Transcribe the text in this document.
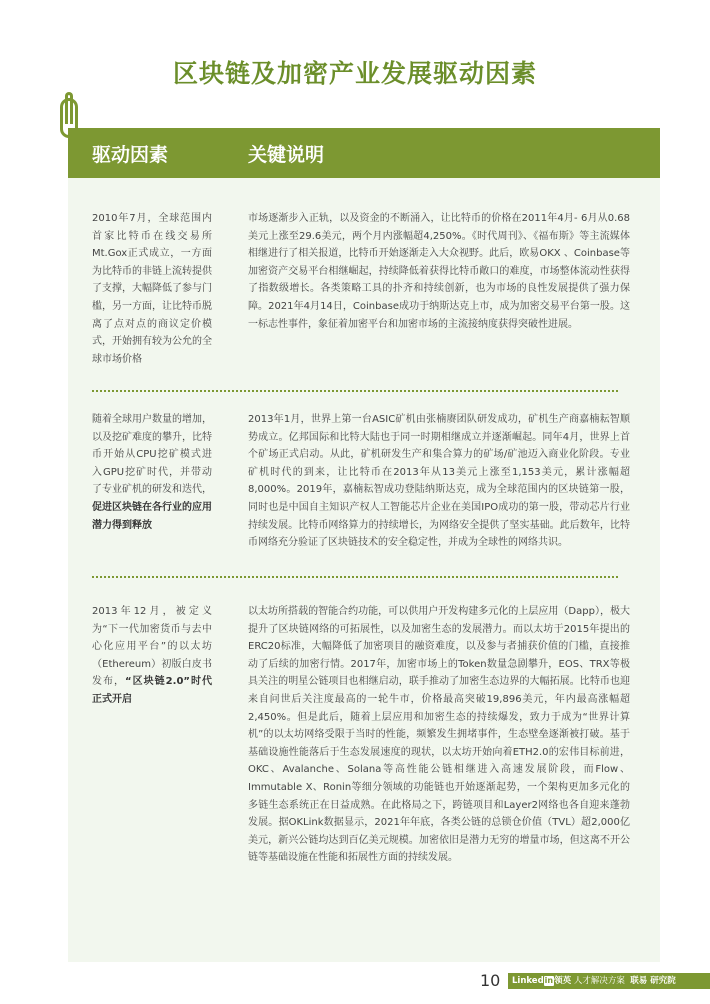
区块链及加密产业发展驱动因素
驱动因素	关键说明
2010年7月，全球范围内首家比特币在线交易所Mt.Gox正式成立，一方面为比特币的非链上流转提供了支撑，大幅降低了参与门槛，另一方面，让比特币脱离了点对点的商议定价模式，开始拥有较为公允的全球市场价格
市场逐渐步入正轨，以及资金的不断涌入，让比特币的价格在2011年4月- 6月从0.68美元上涨至29.6美元，两个月内涨幅超4,250%。《时代周刊》、《福布斯》等主流媒体相继进行了相关报道，比特币开始逐渐走入大众视野。此后，欧易OKX 、Coinbase等加密资产交易平台相继崛起，持续降低着获得比特币敞口的难度，市场整体流动性获得了指数级增长。各类策略工具的扑齐和持续创新，也为市场的良性发展提供了强力保障。2021年4月14日，Coinbase成功于纳斯达克上市，成为加密交易平台第一股。这一标志性事件，象征着加密平台和加密市场的主流接纳度获得突破性进展。
随着全球用户数量的增加，以及挖矿难度的攀升，比特币开始从CPU挖矿模式进入GPU挖矿时代，并带动了专业矿机的研发和迭代，促进区块链在各行业的应用潜力得到释放
2013年1月，世界上第一台ASIC矿机由张楠赓团队研发成功，矿机生产商嘉楠耘智顺势成立。亿邦国际和比特大陆也于同一时期相继成立并逐渐崛起。同年4月，世界上首个矿场正式启动。从此，矿机研发生产和集合算力的矿场/矿池迈入商业化阶段。专业矿机时代的到来，让比特币在2013年从13美元上涨至1,153美元，累计涨幅超8,000%。2019年，嘉楠耘智成功登陆纳斯达克，成为全球范围内的区块链第一股，同时也是中国自主知识产权人工智能芯片企业在美国IPO成功的第一股，带动芯片行业持续发展。比特币网络算力的持续增长，为网络安全提供了坚实基础。此后数年，比特币网络充分验证了区块链技术的安全稳定性，并成为全球性的网络共识。
2013年12月，被定义为“下一代加密货币与去中心化应用平台”的以太坊（Ethereum）初版白皮书发布，“区块链2.0”时代正式开启
以太坊所搭载的智能合约功能，可以供用户开发构建多元化的上层应用（Dapp），极大提升了区块链网络的可拓展性，以及加密生态的发展潜力。而以太坊于2015年提出的ERC20标准，大幅降低了加密项目的融资难度，以及参与者捕获价值的门槛，直接推动了后续的加密行情。2017年，加密市场上的Token数量急剧攀升，EOS、TRX等极具关注的明星公链项目也相继启动，联手推动了加密生态边界的大幅拓展。比特币也迎来自问世后关注度最高的一轮牛市，价格最高突破19,896美元，年内最高涨幅超2,450%。但是此后，随着上层应用和加密生态的持续爆发，致力于成为“世界计算机”的以太坊网络受限于当时的性能，频繁发生拥堵事件，生态壁垒逐渐被打破。基于基础设施性能落后于生态发展速度的现状，以太坊开始向着ETH2.0的宏伟目标前进，OKC、Avalanche、Solana等高性能公链相继进入高速发展阶段，而Flow、Immutable X、Ronin等细分领域的功能链也开始逐渐起势，一个架构更加多元化的多链生态系统正在日益成熟。在此格局之下，跨链项目和Layer2网络也各自迎来蓬勃发展。据OKLink数据显示，2021年年底，各类公链的总锁仓价值（TVL）超2,000亿美元，新兴公链均达到百亿美元规模。加密依旧是潜力无穷的增量市场，但这离不开公链等基础设施在性能和拓展性方面的持续发展。
10	Linkedin领英 人才解决方案 联易 研究院
